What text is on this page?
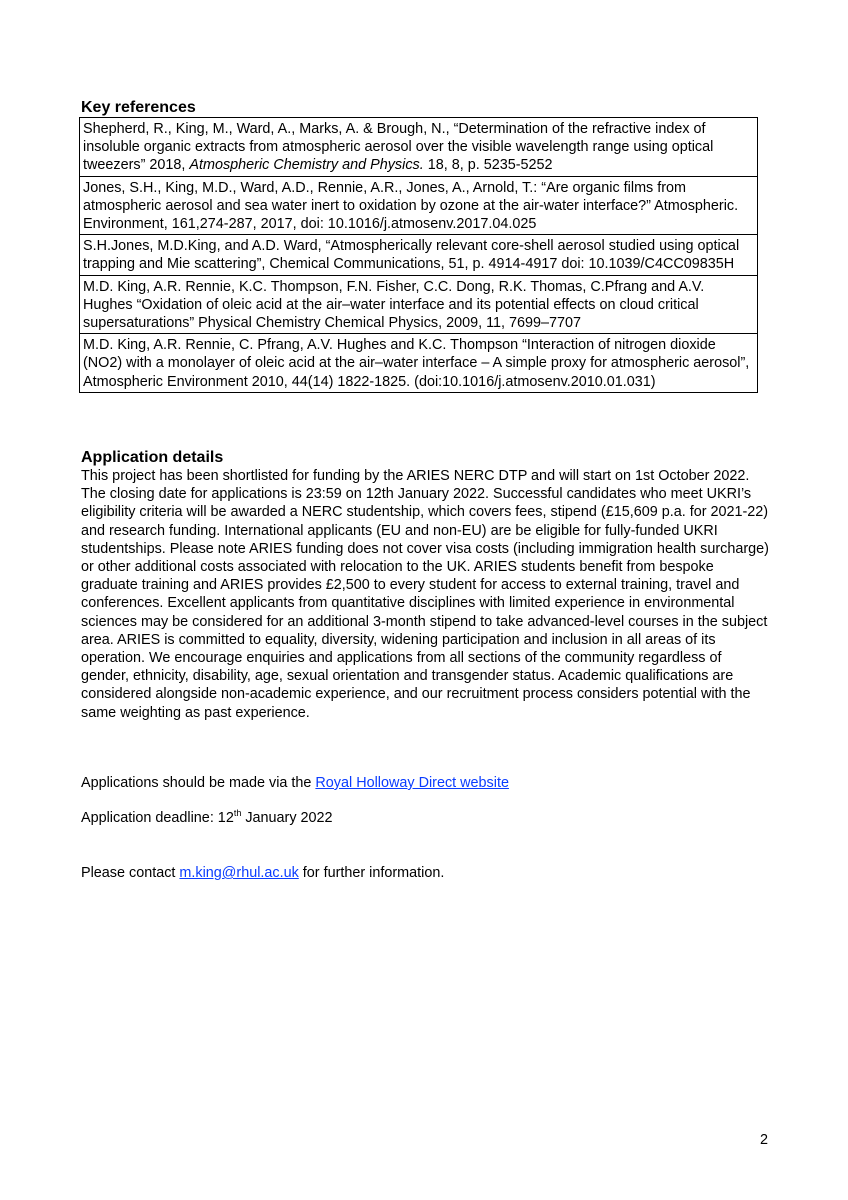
Key references
Shepherd, R., King, M., Ward, A., Marks, A. & Brough, N., “Determination of the refractive index of insoluble organic extracts from atmospheric aerosol over the visible wavelength range using optical tweezers” 2018, Atmospheric Chemistry and Physics. 18, 8, p. 5235-5252
Jones, S.H., King, M.D., Ward, A.D., Rennie, A.R., Jones, A., Arnold, T.: “Are organic films from atmospheric aerosol and sea water inert to oxidation by ozone at the air-water interface?” Atmospheric. Environment, 161,274-287, 2017, doi: 10.1016/j.atmosenv.2017.04.025
S.H.Jones, M.D.King, and A.D. Ward, “Atmospherically relevant core-shell aerosol studied using optical trapping and Mie scattering”, Chemical Communications, 51, p. 4914-4917 doi: 10.1039/C4CC09835H
M.D. King, A.R. Rennie, K.C. Thompson, F.N. Fisher, C.C. Dong, R.K. Thomas, C.Pfrang and A.V. Hughes “Oxidation of oleic acid at the air–water interface and its potential effects on cloud critical supersaturations” Physical Chemistry Chemical Physics, 2009, 11, 7699–7707
M.D. King, A.R. Rennie, C. Pfrang, A.V. Hughes and K.C. Thompson “Interaction of nitrogen dioxide (NO2) with a monolayer of oleic acid at the air–water interface – A simple proxy for atmospheric aerosol”, Atmospheric Environment 2010, 44(14) 1822-1825. (doi:10.1016/j.atmosenv.2010.01.031)
Application details

This project has been shortlisted for funding by the ARIES NERC DTP and will start on 1st October 2022. The closing date for applications is 23:59 on 12th January 2022. Successful candidates who meet UKRI’s eligibility criteria will be awarded a NERC studentship, which covers fees, stipend (£15,609 p.a. for 2021-22) and research funding. International applicants (EU and non-EU) are be eligible for fully-funded UKRI studentships. Please note ARIES funding does not cover visa costs (including immigration health surcharge) or other additional costs associated with relocation to the UK. ARIES students benefit from bespoke graduate training and ARIES provides £2,500 to every student for access to external training, travel and conferences. Excellent applicants from quantitative disciplines with limited experience in environmental sciences may be considered for an additional 3-month stipend to take advanced-level courses in the subject area. ARIES is committed to equality, diversity, widening participation and inclusion in all areas of its operation. We encourage enquiries and applications from all sections of the community regardless of gender, ethnicity, disability, age, sexual orientation and transgender status. Academic qualifications are considered alongside non-academic experience, and our recruitment process considers potential with the same weighting as past experience.

Applications should be made via the Royal Holloway Direct website

Application deadline: 12th January 2022

Please contact m.king@rhul.ac.uk for further information.

2
